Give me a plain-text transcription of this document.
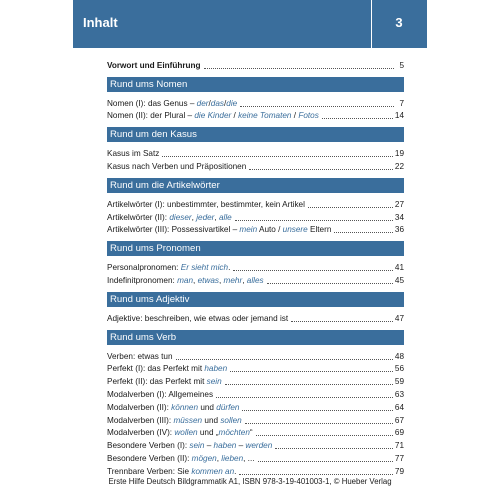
Inhalt	3
Vorwort und Einführung	5
Rund ums Nomen
Nomen (I): das Genus – der/das/die	7
Nomen (II): der Plural – die Kinder / keine Tomaten / Fotos	14
Rund um den Kasus
Kasus im Satz	19
Kasus nach Verben und Präpositionen	22
Rund um die Artikelwörter
Artikelwörter (I): unbestimmter, bestimmter, kein Artikel	27
Artikelwörter (II): dieser, jeder, alle	34
Artikelwörter (III): Possessivartikel – mein Auto / unsere Eltern	36
Rund ums Pronomen
Personalpronomen: Er sieht mich.	41
Indefinitpronomen: man, etwas, mehr, alles	45
Rund ums Adjektiv
Adjektive: beschreiben, wie etwas oder jemand ist	47
Rund ums Verb
Verben: etwas tun	48
Perfekt (I): das Perfekt mit haben	56
Perfekt (II): das Perfekt mit sein	59
Modalverben (I): Allgemeines	63
Modalverben (II): können und dürfen	64
Modalverben (III): müssen und sollen	67
Modalverben (IV): wollen und „möchten“	69
Besondere Verben (I): sein – haben – werden	71
Besondere Verben (II): mögen, lieben, ...	77
Trennbare Verben: Sie kommen an.	79
Erste Hilfe Deutsch Bildgrammatik A1, ISBN 978-3-19-401003-1, © Hueber Verlag
